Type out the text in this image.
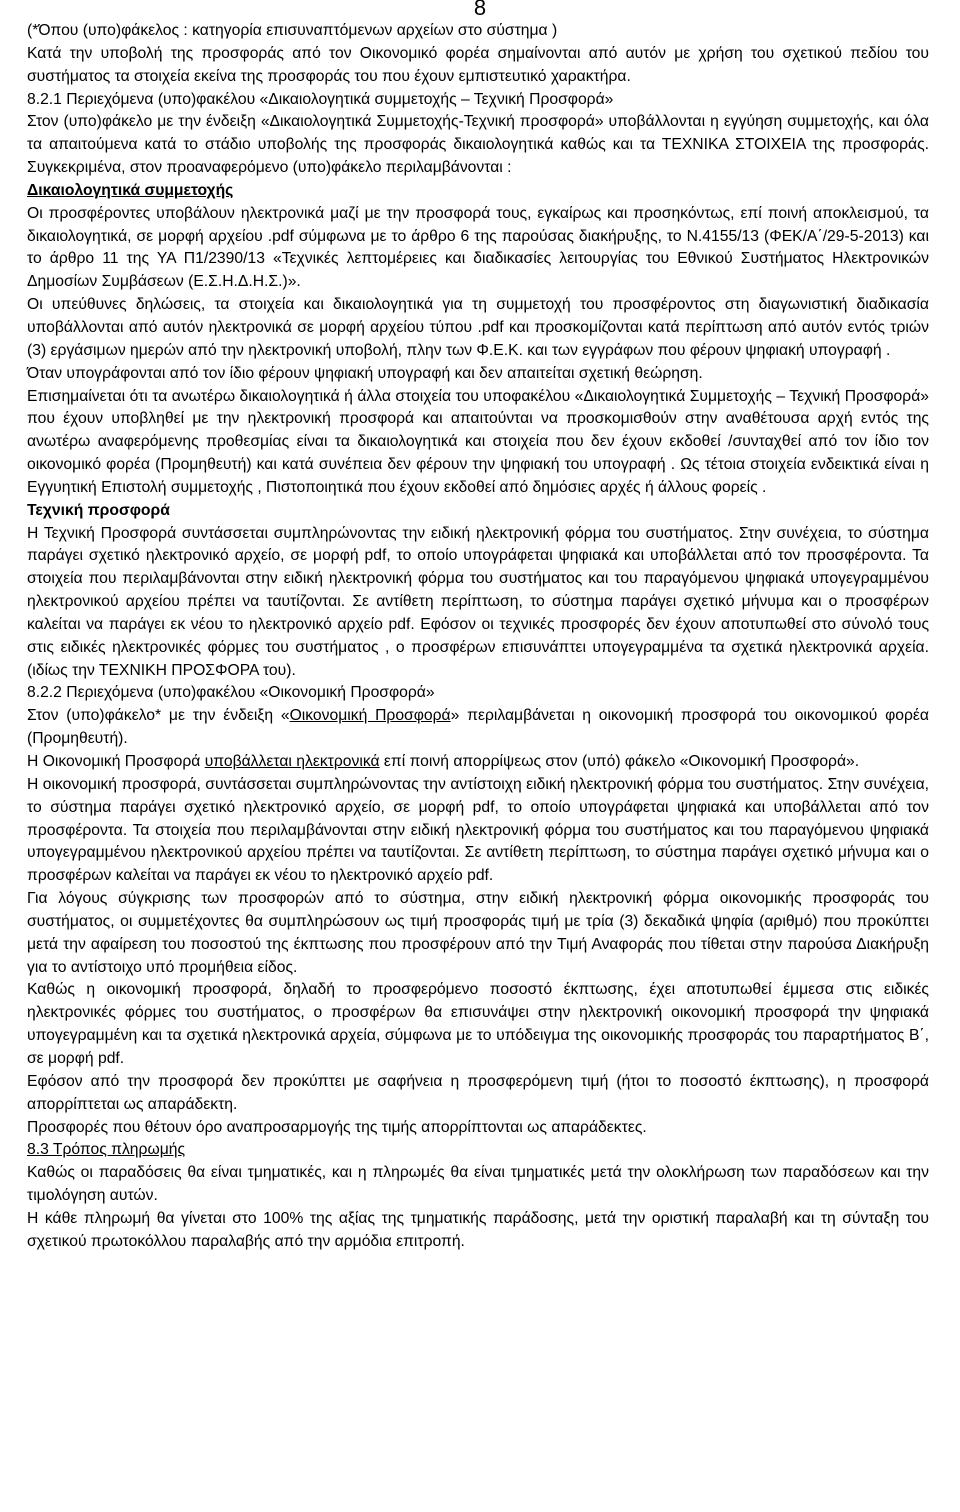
8

(*Όπου (υπο)φάκελος : κατηγορία επισυναπτόμενων αρχείων στο σύστημα )

Κατά την υποβολή της προσφοράς από τον Οικονομικό φορέα σημαίνονται από αυτόν με χρήση του σχετικού πεδίου του συστήματος τα στοιχεία εκείνα της προσφοράς του που έχουν εμπιστευτικό χαρακτήρα.

8.2.1 Περιεχόμενα (υπο)φακέλου «Δικαιολογητικά συμμετοχής – Τεχνική Προσφορά»

Στον (υπο)φάκελο με την ένδειξη «Δικαιολογητικά Συμμετοχής-Τεχνική προσφορά» υποβάλλονται η εγγύηση συμμετοχής, και όλα τα απαιτούμενα κατά το στάδιο υποβολής της προσφοράς δικαιολογητικά καθώς και τα ΤΕΧΝΙΚΑ ΣΤΟΙΧΕΙΑ της προσφοράς. Συγκεκριμένα, στον προαναφερόμενο (υπο)φάκελο περιλαμβάνονται :

Δικαιολογητικά συμμετοχής

Οι προσφέροντες υποβάλουν ηλεκτρονικά μαζί με την προσφορά τους, εγκαίρως και προσηκόντως, επί ποινή αποκλεισμού, τα δικαιολογητικά, σε μορφή αρχείου .pdf σύμφωνα με το άρθρο 6 της παρούσας διακήρυξης, το Ν.4155/13 (ΦΕΚ/Α΄/29-5-2013) και το άρθρο 11 της ΥΑ Π1/2390/13 «Τεχνικές λεπτομέρειες και διαδικασίες λειτουργίας του Εθνικού Συστήματος Ηλεκτρονικών Δημοσίων Συμβάσεων (Ε.Σ.Η.Δ.Η.Σ.)».

Οι υπεύθυνες δηλώσεις, τα στοιχεία και δικαιολογητικά για τη συμμετοχή του προσφέροντος στη διαγωνιστική διαδικασία υποβάλλονται από αυτόν ηλεκτρονικά σε μορφή αρχείου τύπου .pdf και προσκομίζονται κατά περίπτωση από αυτόν εντός τριών (3) εργάσιμων ημερών από την ηλεκτρονική υποβολή, πλην των Φ.Ε.Κ. και των εγγράφων που φέρουν ψηφιακή υπογραφή .

Όταν υπογράφονται από τον ίδιο φέρουν ψηφιακή υπογραφή και δεν απαιτείται σχετική θεώρηση.

Επισημαίνεται ότι τα ανωτέρω δικαιολογητικά ή άλλα στοιχεία του υποφακέλου «Δικαιολογητικά Συμμετοχής – Τεχνική Προσφορά» που έχουν υποβληθεί με την ηλεκτρονική προσφορά και απαιτούνται να προσκομισθούν στην αναθέτουσα αρχή εντός της ανωτέρω αναφερόμενης προθεσμίας είναι τα δικαιολογητικά και στοιχεία που δεν έχουν εκδοθεί /συνταχθεί από τον ίδιο τον οικονομικό φορέα (Προμηθευτή) και κατά συνέπεια δεν φέρουν την ψηφιακή του υπογραφή . Ως τέτοια στοιχεία ενδεικτικά είναι η Εγγυητική Επιστολή συμμετοχής , Πιστοποιητικά που έχουν εκδοθεί από δημόσιες αρχές ή άλλους φορείς .

Τεχνική προσφορά

Η Τεχνική Προσφορά συντάσσεται συμπληρώνοντας την ειδική ηλεκτρονική φόρμα του συστήματος. Στην συνέχεια, το σύστημα παράγει σχετικό ηλεκτρονικό αρχείο, σε μορφή pdf, το οποίο υπογράφεται ψηφιακά και υποβάλλεται από τον προσφέροντα. Τα στοιχεία που περιλαμβάνονται στην ειδική ηλεκτρονική φόρμα του συστήματος και του παραγόμενου ψηφιακά υπογεγραμμένου ηλεκτρονικού αρχείου πρέπει να ταυτίζονται. Σε αντίθετη περίπτωση, το σύστημα παράγει σχετικό μήνυμα και ο προσφέρων καλείται να παράγει εκ νέου το ηλεκτρονικό αρχείο pdf. Εφόσον οι τεχνικές προσφορές δεν έχουν αποτυπωθεί στο σύνολό τους στις ειδικές ηλεκτρονικές φόρμες του συστήματος , ο προσφέρων επισυνάπτει υπογεγραμμένα τα σχετικά ηλεκτρονικά αρχεία. (ιδίως την ΤΕΧΝΙΚΗ ΠΡΟΣΦΟΡΑ του).

8.2.2 Περιεχόμενα (υπο)φακέλου «Οικονομική Προσφορά»

Στον (υπο)φάκελο* με την ένδειξη «Οικονομική Προσφορά» περιλαμβάνεται η οικονομική προσφορά του οικονομικού φορέα (Προμηθευτή).

Η Οικονομική Προσφορά υποβάλλεται ηλεκτρονικά επί ποινή απορρίψεως στον (υπό) φάκελο «Οικονομική Προσφορά».

Η οικονομική προσφορά, συντάσσεται συμπληρώνοντας την αντίστοιχη ειδική ηλεκτρονική φόρμα του συστήματος. Στην συνέχεια, το σύστημα παράγει σχετικό ηλεκτρονικό αρχείο, σε μορφή pdf, το οποίο υπογράφεται ψηφιακά και υποβάλλεται από τον προσφέροντα. Τα στοιχεία που περιλαμβάνονται στην ειδική ηλεκτρονική φόρμα του συστήματος και του παραγόμενου ψηφιακά υπογεγραμμένου ηλεκτρονικού αρχείου πρέπει να ταυτίζονται. Σε αντίθετη περίπτωση, το σύστημα παράγει σχετικό μήνυμα και ο προσφέρων καλείται να παράγει εκ νέου το ηλεκτρονικό αρχείο pdf.

Για λόγους σύγκρισης των προσφορών από το σύστημα, στην ειδική ηλεκτρονική φόρμα οικονομικής προσφοράς του συστήματος, οι συμμετέχοντες θα συμπληρώσουν ως τιμή προσφοράς τιμή με τρία (3) δεκαδικά ψηφία (αριθμό) που προκύπτει μετά την αφαίρεση του ποσοστού της έκπτωσης που προσφέρουν από την Τιμή Αναφοράς που τίθεται στην παρούσα Διακήρυξη για το αντίστοιχο υπό προμήθεια είδος.

Καθώς η οικονομική προσφορά, δηλαδή το προσφερόμενο ποσοστό έκπτωσης, έχει αποτυπωθεί έμμεσα στις ειδικές ηλεκτρονικές φόρμες του συστήματος, ο προσφέρων θα επισυνάψει στην ηλεκτρονική οικονομική προσφορά την ψηφιακά υπογεγραμμένη και τα σχετικά ηλεκτρονικά αρχεία, σύμφωνα με το υπόδειγμα της οικονομικής προσφοράς του παραρτήματος Β΄, σε μορφή pdf.

Εφόσον από την προσφορά δεν προκύπτει με σαφήνεια η προσφερόμενη τιμή (ήτοι το ποσοστό έκπτωσης), η προσφορά απορρίπτεται ως απαράδεκτη.

Προσφορές που θέτουν όρο αναπροσαρμογής της τιμής απορρίπτονται ως απαράδεκτες.

8.3 Τρόπος πληρωμής

Καθώς οι παραδόσεις θα είναι τμηματικές, και η πληρωμές θα είναι τμηματικές μετά την ολοκλήρωση των παραδόσεων και την τιμολόγηση αυτών.

Η κάθε πληρωμή θα γίνεται στο 100% της αξίας της τμηματικής παράδοσης, μετά την οριστική παραλαβή και τη σύνταξη του σχετικού πρωτοκόλλου παραλαβής από την αρμόδια επιτροπή.
